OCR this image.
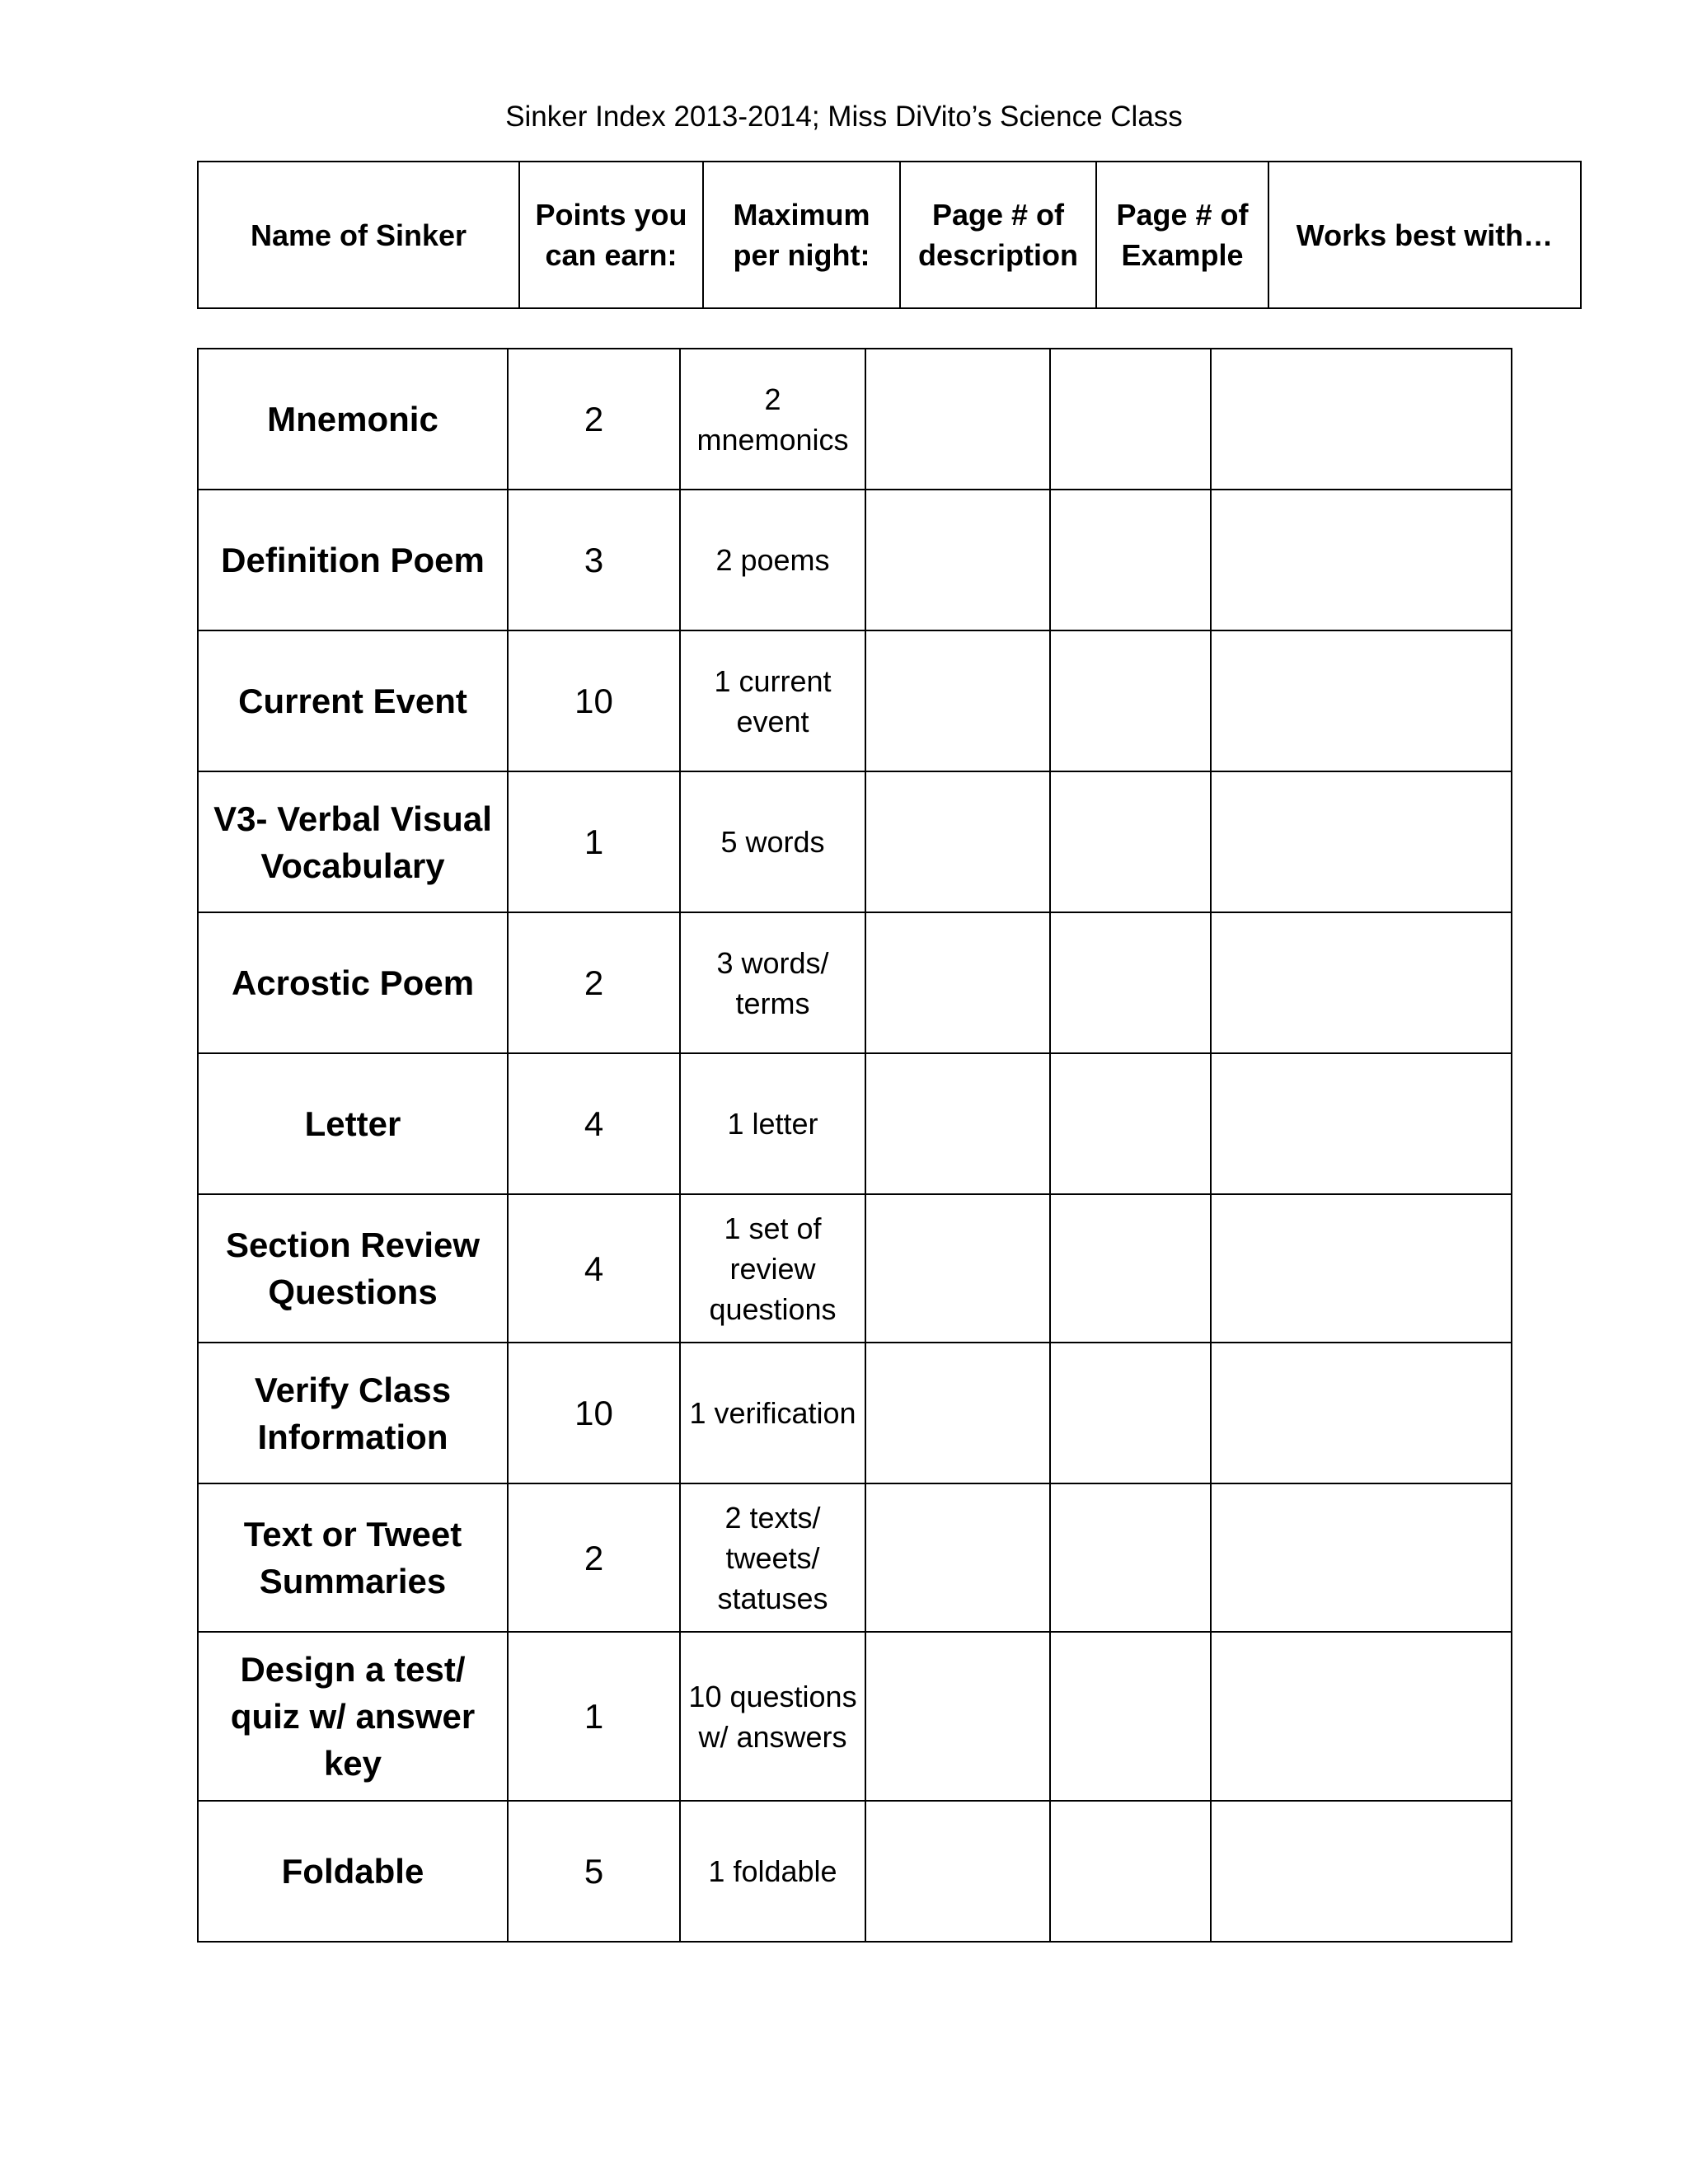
Sinker Index 2013-2014; Miss DiVito’s Science Class
Name of Sinker	Points you can earn:	Maximum per night:	Page # of description	Page # of Example	Works best with…
Mnemonic	2	2 mnemonics			
Definition Poem	3	2 poems			
Current Event	10	1 current event			
V3- Verbal Visual Vocabulary	1	5 words			
Acrostic Poem	2	3 words/ terms			
Letter	4	1 letter			
Section Review Questions	4	1 set of review questions			
Verify Class Information	10	1 verification			
Text or Tweet Summaries	2	2 texts/ tweets/ statuses			
Design a test/ quiz w/ answer key	1	10 questions w/ answers			
Foldable	5	1 foldable			
